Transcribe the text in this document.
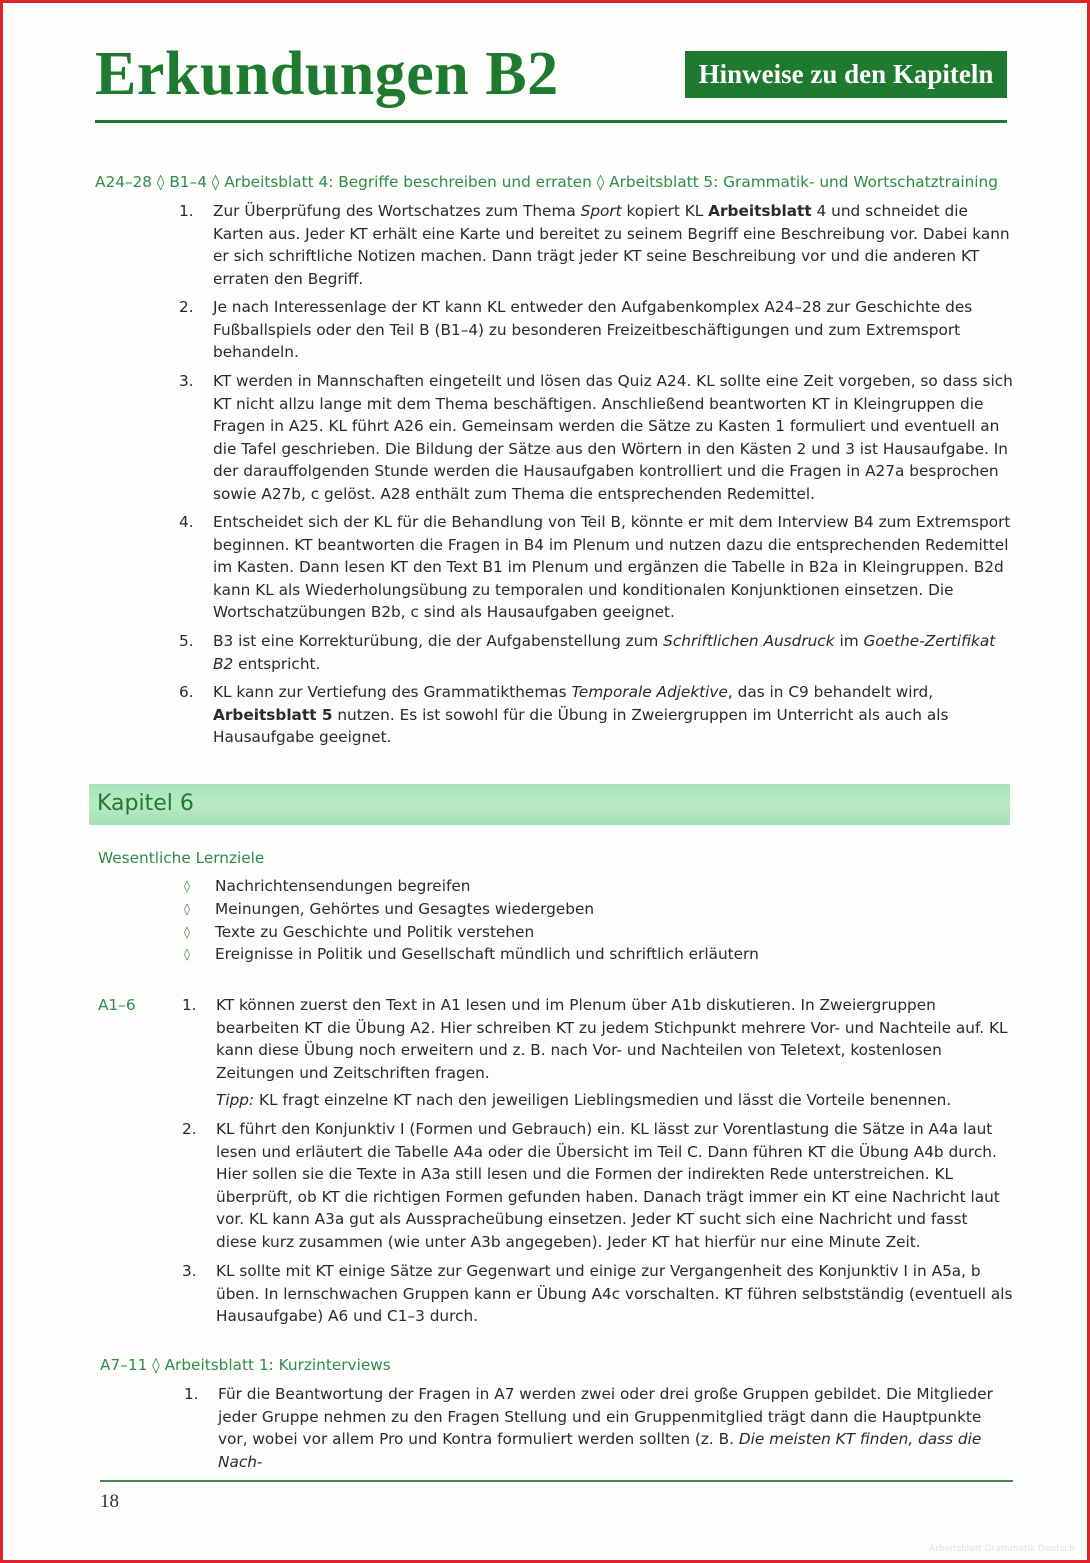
Erkundungen B2	Hinweise zu den Kapiteln
A24–28 ◊ B1–4 ◊ Arbeitsblatt 4: Begriffe beschreiben und erraten ◊ Arbeitsblatt 5: Grammatik- und Wortschatztraining
1.	Zur Überprüfung des Wortschatzes zum Thema Sport kopiert KL Arbeitsblatt 4 und schneidet die Karten aus. Jeder KT erhält eine Karte und bereitet zu seinem Begriff eine Beschreibung vor. Dabei kann er sich schriftliche Notizen machen. Dann trägt jeder KT seine Beschreibung vor und die anderen KT erraten den Begriff.
2.	Je nach Interessenlage der KT kann KL entweder den Aufgabenkomplex A24–28 zur Geschichte des Fußballspiels oder den Teil B (B1–4) zu besonderen Freizeitbeschäftigungen und zum Extremsport behandeln.
3.	KT werden in Mannschaften eingeteilt und lösen das Quiz A24. KL sollte eine Zeit vorgeben, so dass sich KT nicht allzu lange mit dem Thema beschäftigen. Anschließend beantworten KT in Kleingruppen die Fragen in A25. KL führt A26 ein. Gemeinsam werden die Sätze zu Kasten 1 formuliert und eventuell an die Tafel geschrieben. Die Bildung der Sätze aus den Wörtern in den Kästen 2 und 3 ist Hausaufgabe. In der darauffolgenden Stunde werden die Hausaufgaben kontrolliert und die Fragen in A27a besprochen sowie A27b, c gelöst. A28 enthält zum Thema die entsprechenden Redemittel.
4.	Entscheidet sich der KL für die Behandlung von Teil B, könnte er mit dem Interview B4 zum Extremsport beginnen. KT beantworten die Fragen in B4 im Plenum und nutzen dazu die entsprechenden Redemittel im Kasten. Dann lesen KT den Text B1 im Plenum und ergänzen die Tabelle in B2a in Kleingruppen. B2d kann KL als Wiederholungsübung zu temporalen und konditionalen Konjunktionen einsetzen. Die Wortschatzübungen B2b, c sind als Hausaufgaben geeignet.
5.	B3 ist eine Korrekturübung, die der Aufgabenstellung zum Schriftlichen Ausdruck im Goethe-Zertifikat B2 entspricht.
6.	KL kann zur Vertiefung des Grammatikthemas Temporale Adjektive, das in C9 behandelt wird, Arbeitsblatt 5 nutzen. Es ist sowohl für die Übung in Zweiergruppen im Unterricht als auch als Hausaufgabe geeignet.
Kapitel 6
Wesentliche Lernziele
◊ Nachrichtensendungen begreifen
◊ Meinungen, Gehörtes und Gesagtes wiedergeben
◊ Texte zu Geschichte und Politik verstehen
◊ Ereignisse in Politik und Gesellschaft mündlich und schriftlich erläutern
A1–6	1.	KT können zuerst den Text in A1 lesen und im Plenum über A1b diskutieren. In Zweiergruppen bearbeiten KT die Übung A2. Hier schreiben KT zu jedem Stichpunkt mehrere Vor- und Nachteile auf. KL kann diese Übung noch erweitern und z. B. nach Vor- und Nachteilen von Teletext, kostenlosen Zeitungen und Zeitschriften fragen.
Tipp: KL fragt einzelne KT nach den jeweiligen Lieblingsmedien und lässt die Vorteile benennen.
2.	KL führt den Konjunktiv I (Formen und Gebrauch) ein. KL lässt zur Vorentlastung die Sätze in A4a laut lesen und erläutert die Tabelle A4a oder die Übersicht im Teil C. Dann führen KT die Übung A4b durch. Hier sollen sie die Texte in A3a still lesen und die Formen der indirekten Rede unterstreichen. KL überprüft, ob KT die richtigen Formen gefunden haben. Danach trägt immer ein KT eine Nachricht laut vor. KL kann A3a gut als Ausspracheübung einsetzen. Jeder KT sucht sich eine Nachricht und fasst diese kurz zusammen (wie unter A3b angegeben). Jeder KT hat hierfür nur eine Minute Zeit.
3.	KL sollte mit KT einige Sätze zur Gegenwart und einige zur Vergangenheit des Konjunktiv I in A5a, b üben. In lernschwachen Gruppen kann er Übung A4c vorschalten. KT führen selbstständig (eventuell als Hausaufgabe) A6 und C1–3 durch.
A7–11 ◊ Arbeitsblatt 1: Kurzinterviews
1.	Für die Beantwortung der Fragen in A7 werden zwei oder drei große Gruppen gebildet. Die Mitglieder jeder Gruppe nehmen zu den Fragen Stellung und ein Gruppenmitglied trägt dann die Hauptpunkte vor, wobei vor allem Pro und Kontra formuliert werden sollten (z. B. Die meisten KT finden, dass die Nach-
18
Arbeitsblatt Grammatik Deutsch
